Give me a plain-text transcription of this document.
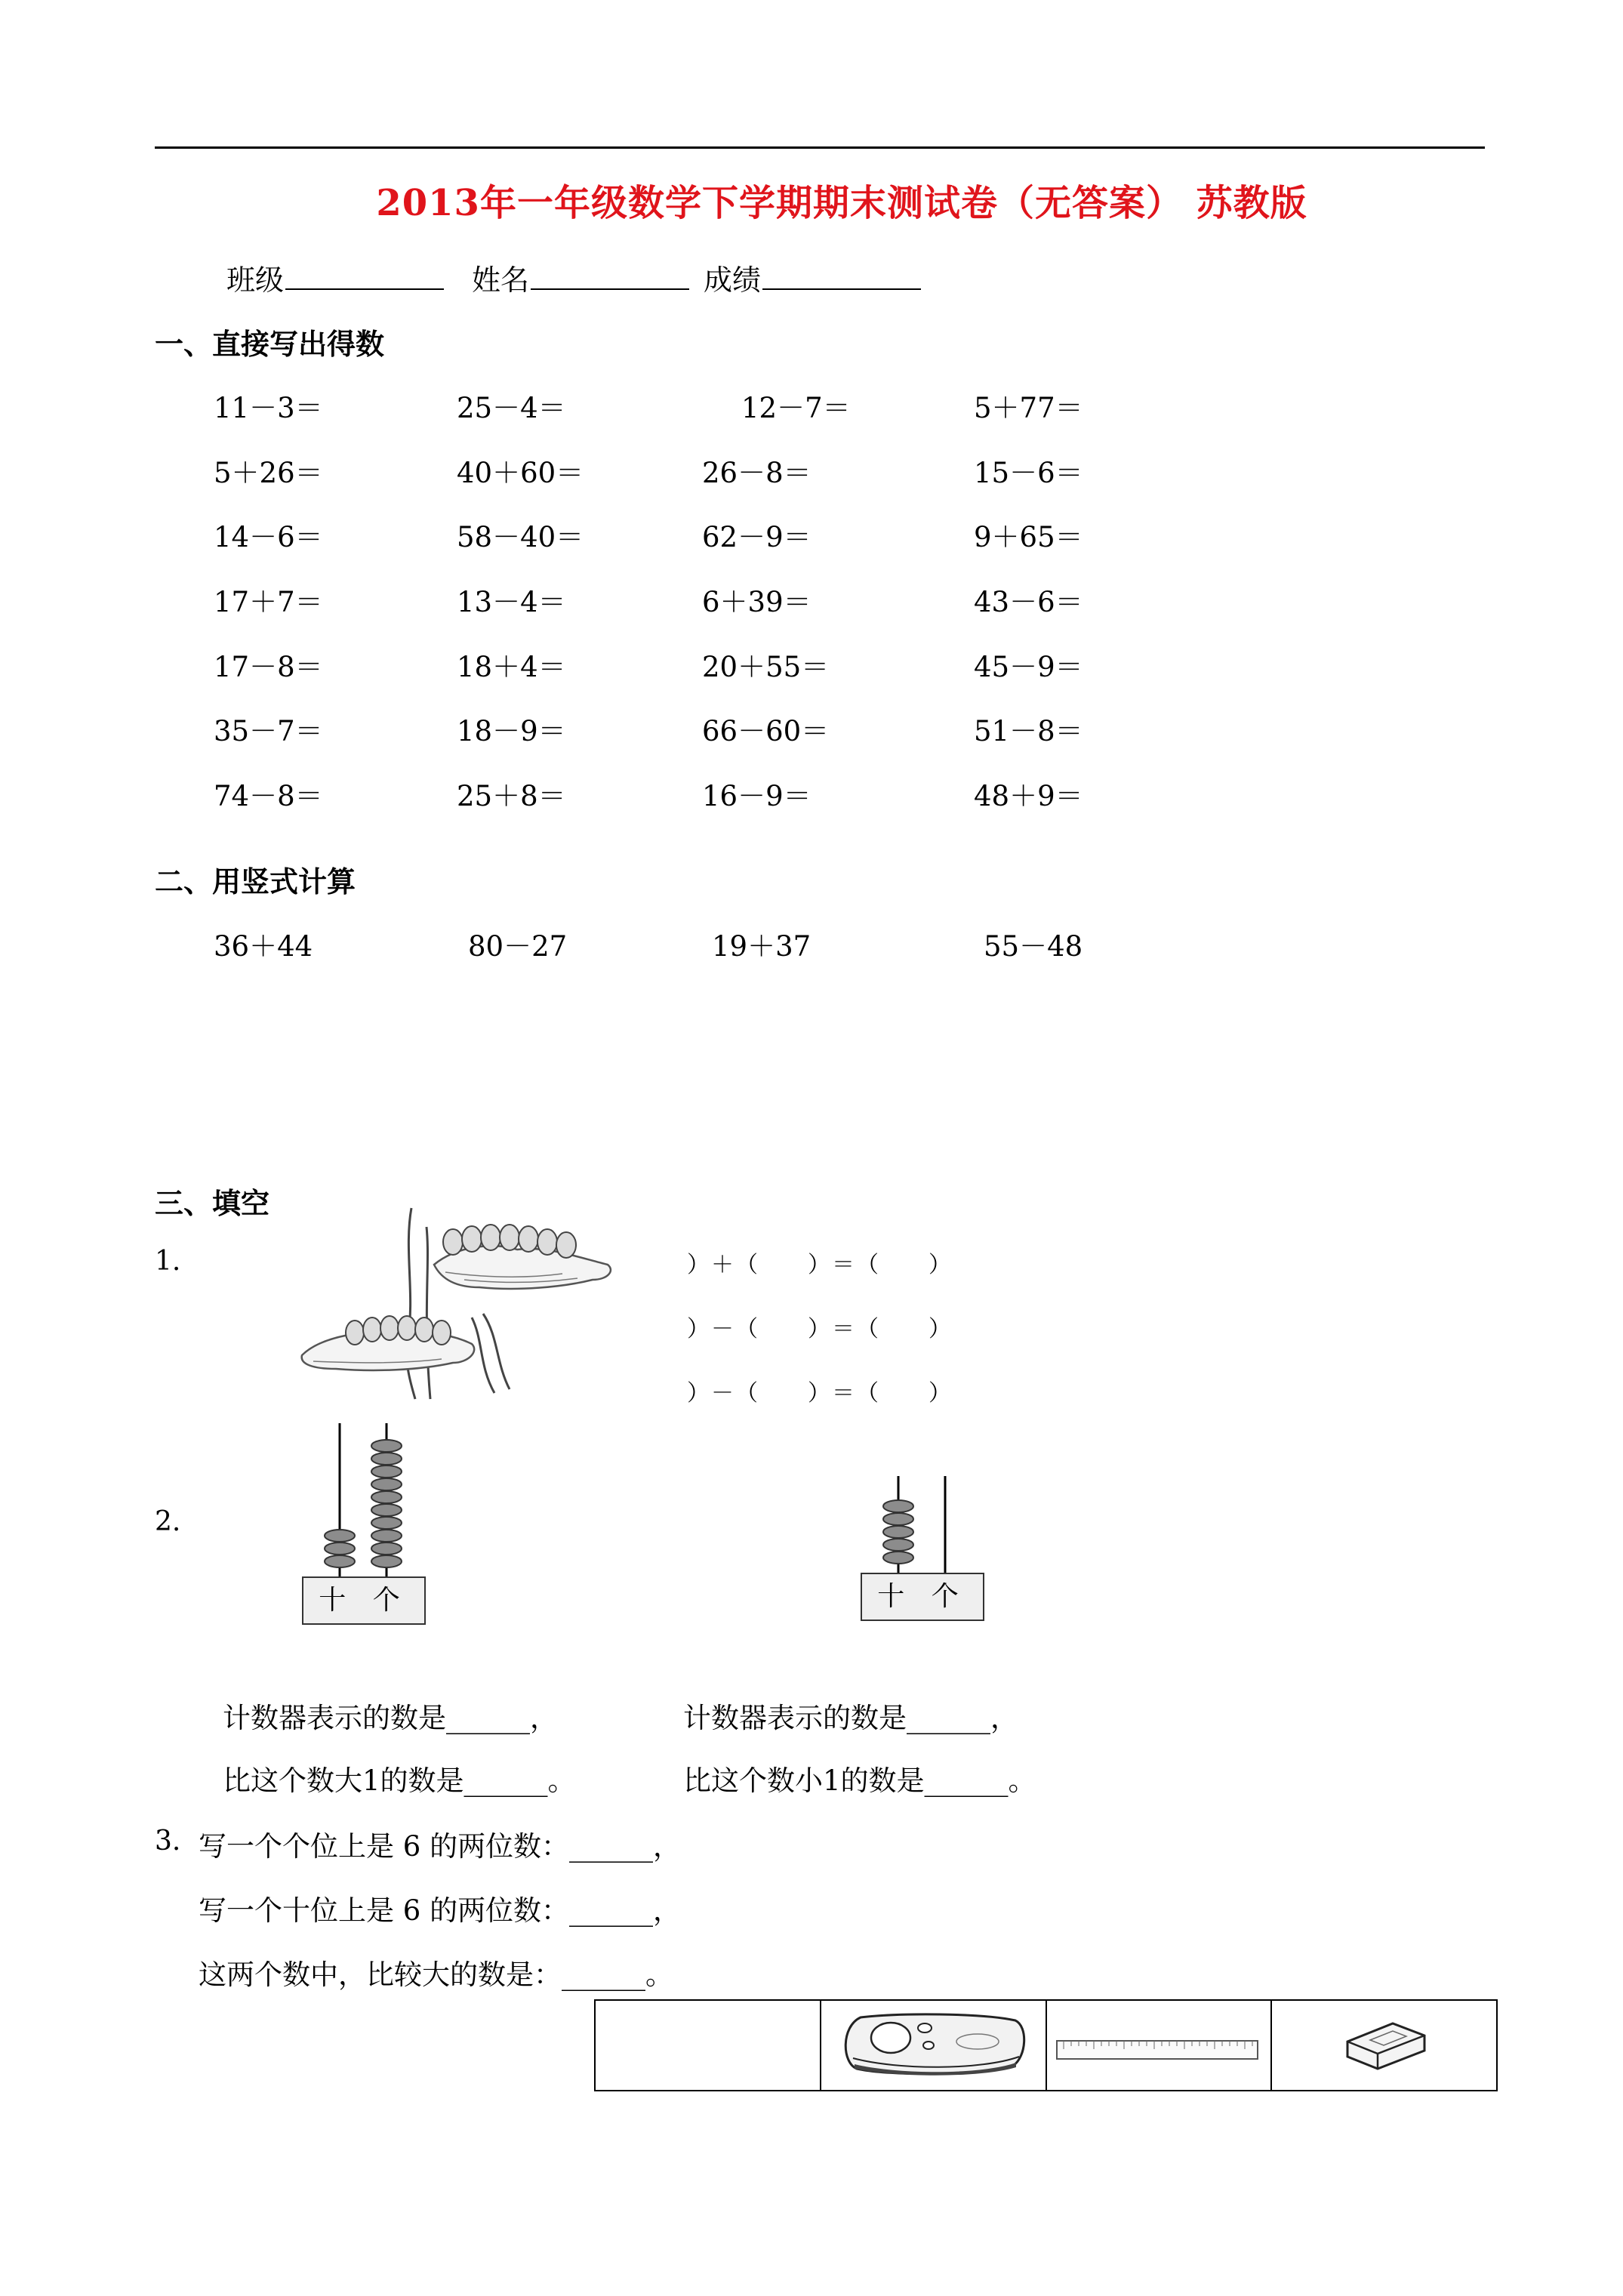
2013年一年级数学下学期期末测试卷（无答案） 苏教版
班级	姓名	成绩
一、直接写出得数
11－3＝	25－4＝	12－7＝	5＋77＝
5＋26＝	40＋60＝	26－8＝	15－6＝
14－6＝	58－40＝	62－9＝	9＋65＝
17＋7＝	13－4＝	6＋39＝	43－6＝
17－8＝	18＋4＝	20＋55＝	45－9＝
35－7＝	18－9＝	66－60＝	51－8＝
74－8＝	25＋8＝	16－9＝	48＋9＝
二、用竖式计算
36＋44	80－27	19＋37	55－48
三、填空
1.	）＋（　　）＝（　　）
）－（　　）＝（　　）
）－（　　）＝（　　）
2.
十 个	十 个
计数器表示的数是______，
比这个数大1的数是______。
计数器表示的数是______，
比这个数小1的数是______。
3. 写一个个位上是 6 的两位数：______，
写一个十位上是 6 的两位数：______，
这两个数中，比较大的数是：______。
